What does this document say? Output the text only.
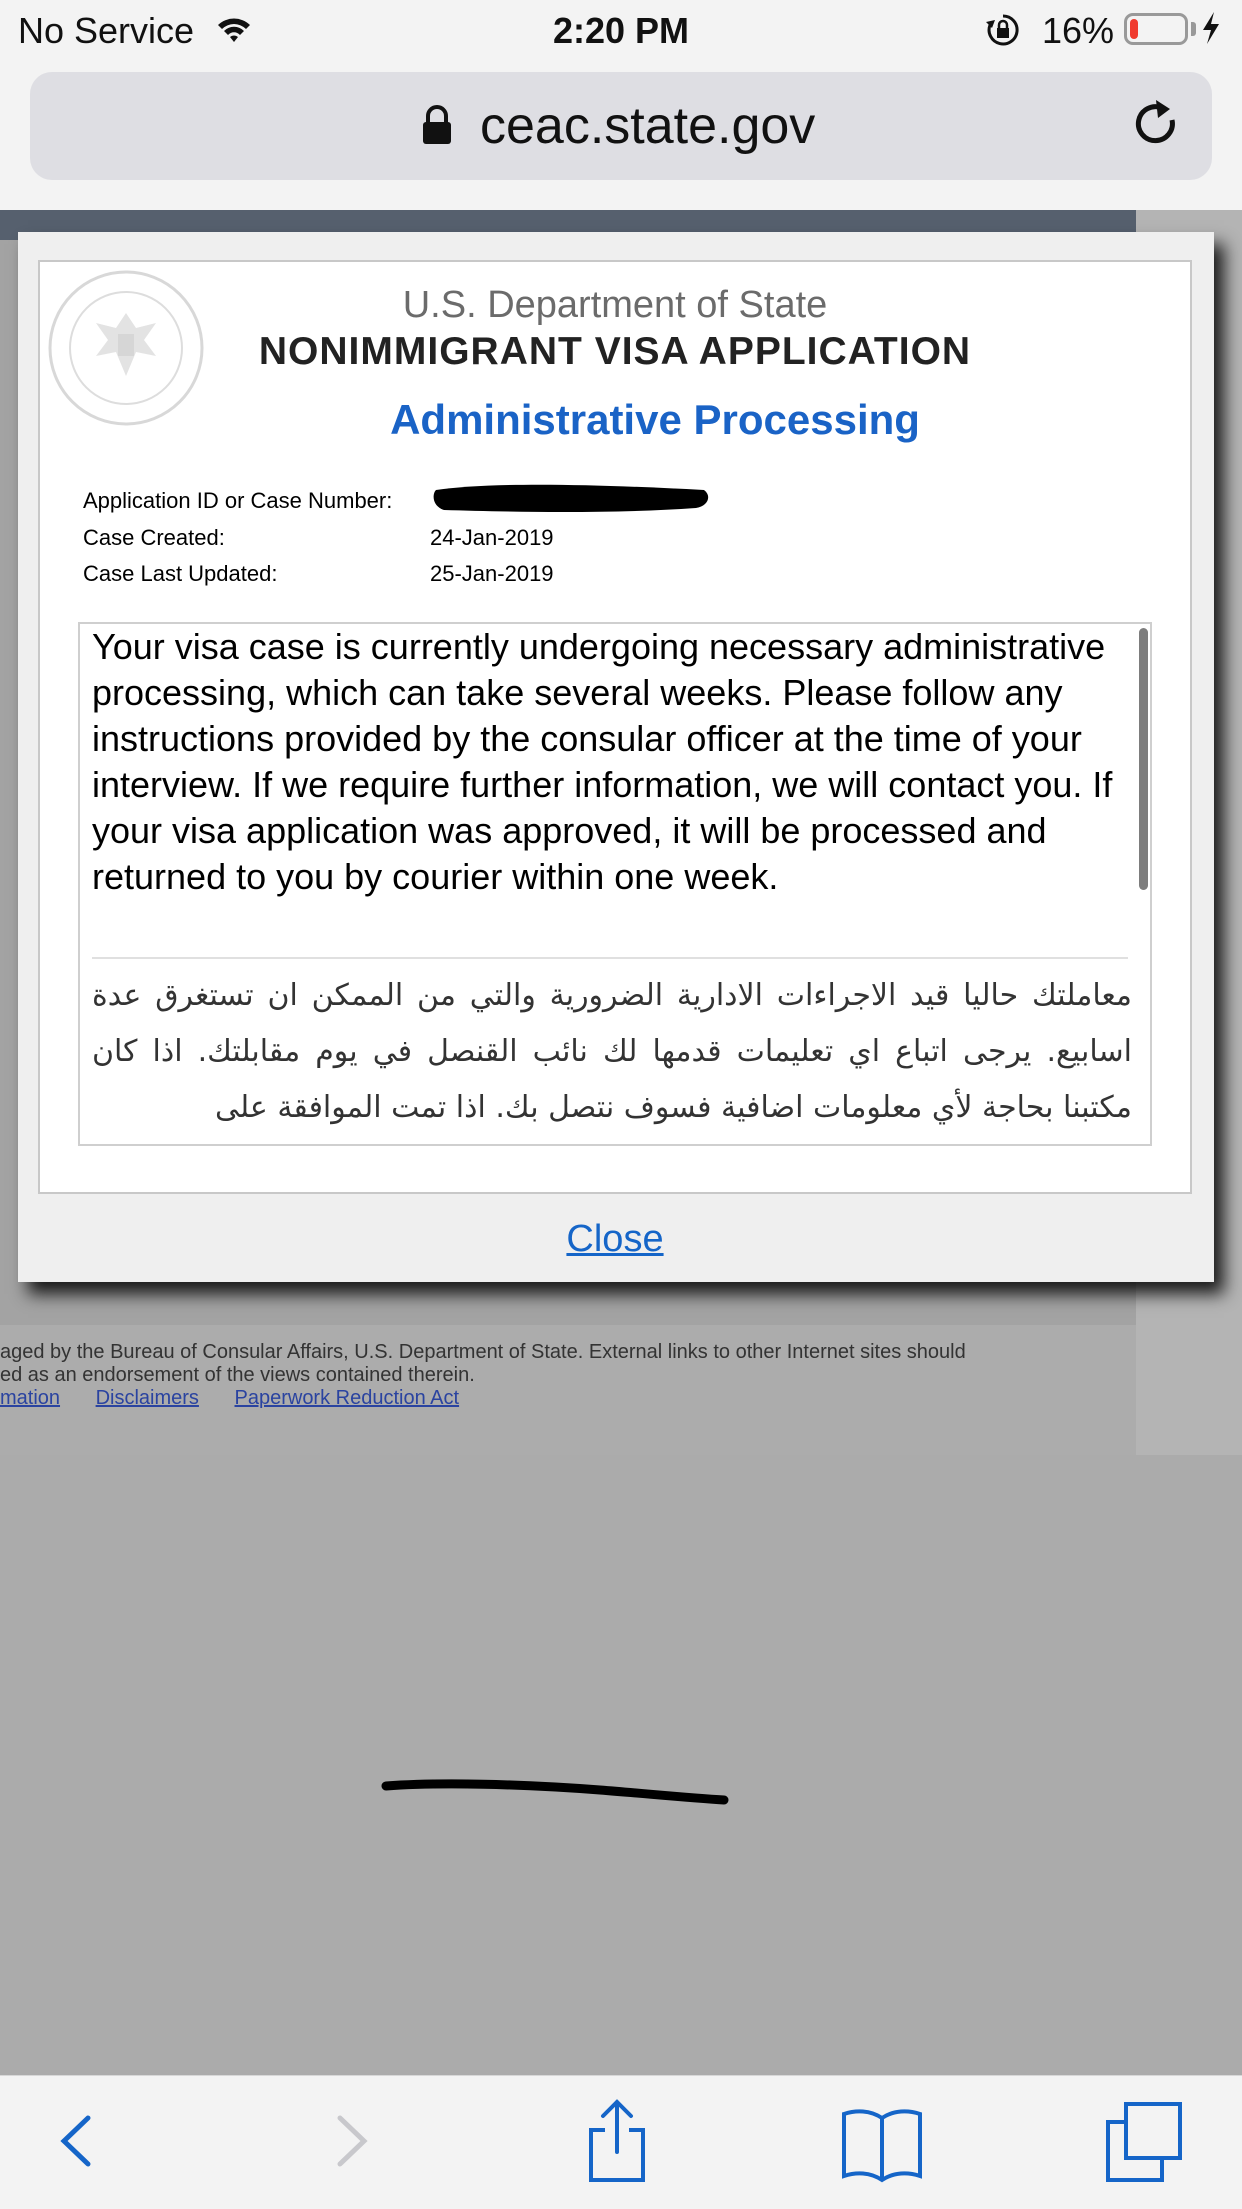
No Service	2:20 PM	16%
ceac.state.gov
aged by the Bureau of Consular Affairs, U.S. Department of State. External links to other Internet sites should
ed as an endorsement of the views contained therein.
mation Disclaimers Paperwork Reduction Act
U.S. Department of State
NONIMMIGRANT VISA APPLICATION
Administrative Processing
Application ID or Case Number:
Case Created:	24-Jan-2019
Case Last Updated:	25-Jan-2019
Your visa case is currently undergoing necessary administrative processing, which can take several weeks. Please follow any instructions provided by the consular officer at the time of your interview. If we require further information, we will contact you. If your visa application was approved, it will be processed and returned to you by courier within one week.
معاملتك حاليا قيد الاجراءات الادارية الضرورية والتي من الممكن ان تستغرق عدة اسابيع. يرجى اتباع اي تعليمات قدمها لك نائب القنصل في يوم مقابلتك. اذا كان مكتبنا بحاجة لأي معلومات اضافية فسوف نتصل بك. اذا تمت الموافقة على
Close
